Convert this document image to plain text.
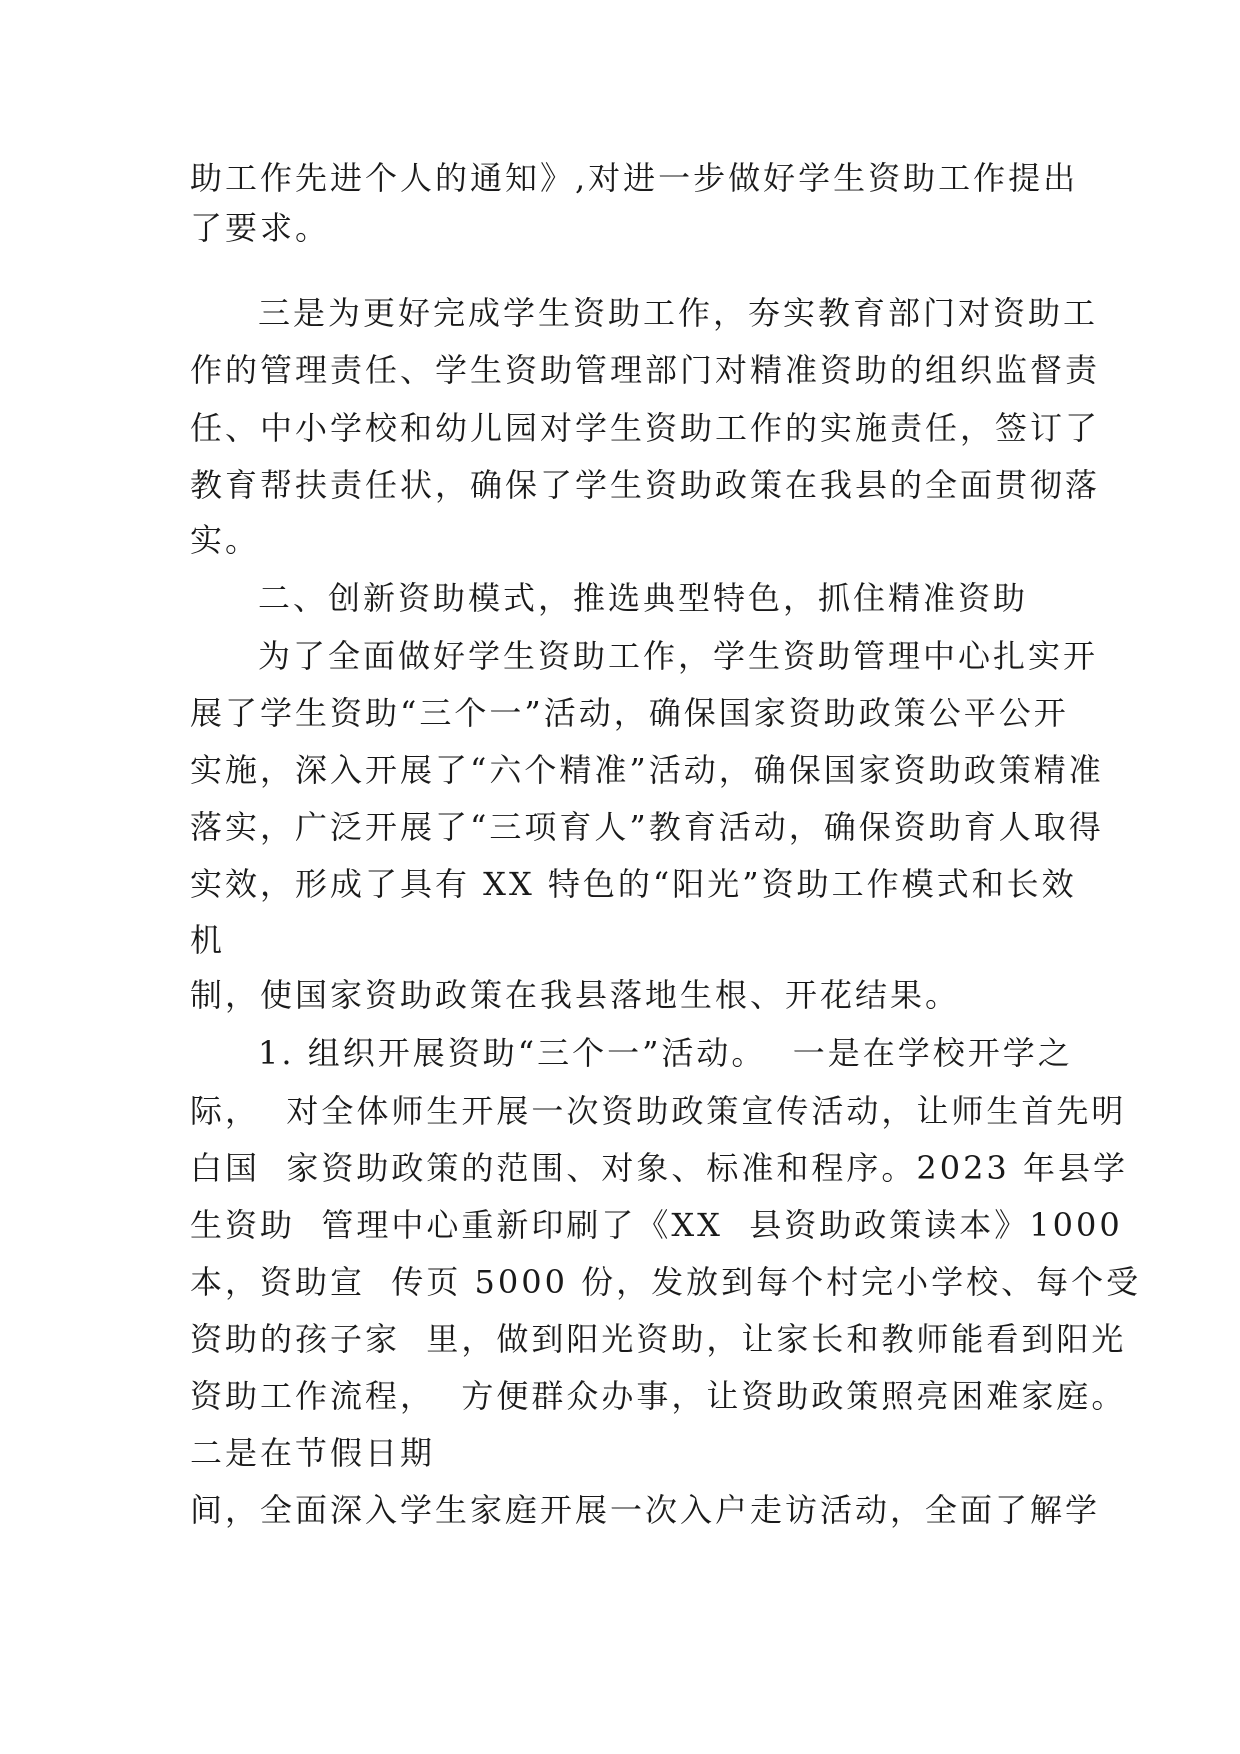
助工作先进个人的通知》,对进一步做好学生资助工作提出
了要求。
三是为更好完成学生资助工作，夯实教育部门对资助工
作的管理责任、学生资助管理部门对精准资助的组织监督责
任、中小学校和幼儿园对学生资助工作的实施责任，签订了
教育帮扶责任状，确保了学生资助政策在我县的全面贯彻落
实。
二、创新资助模式，推选典型特色，抓住精准资助
为了全面做好学生资助工作，学生资助管理中心扎实开
展了学生资助“三个一”活动，确保国家资助政策公平公开
实施，深入开展了“六个精准”活动，确保国家资助政策精准
落实，广泛开展了“三项育人”教育活动，确保资助育人取得
实效，形成了具有 XX 特色的“阳光”资助工作模式和长效
机
制，使国家资助政策在我县落地生根、开花结果。
1. 组织开展资助“三个一”活动。  一是在学校开学之
际，  对全体师生开展一次资助政策宣传活动，让师生首先明
白国  家资助政策的范围、对象、标准和程序。2023 年县学
生资助  管理中心重新印刷了《XX  县资助政策读本》1000
本，资助宣  传页 5000 份，发放到每个村完小学校、每个受
资助的孩子家  里，做到阳光资助，让家长和教师能看到阳光
资助工作流程，  方便群众办事，让资助政策照亮困难家庭。
二是在节假日期
间，全面深入学生家庭开展一次入户走访活动，全面了解学
